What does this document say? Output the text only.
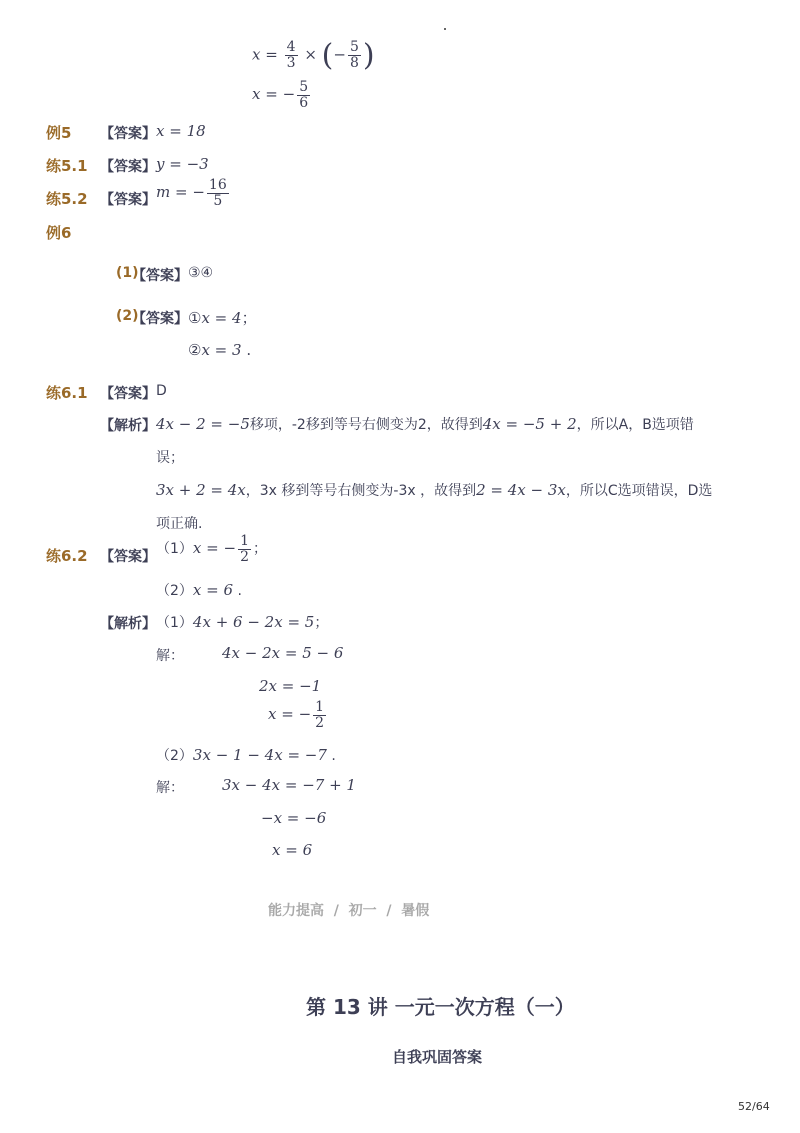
$x = \frac{4}{3}$ × (− $\frac{5}{8}$ )
x = − $\frac{5}{6}$
例5 【答案】 x = 18
练5.1 【答案】 y = −3
练5.2 【答案】 m = − $\frac{16}{5}$
例6
(1)
【答案】 ③④
(2)
【答案】 ①x = 4；
②x = 3 .
练6.1 【答案】 D
【解析】 4x − 2 = −5移项，-2移到等号右侧变为2，故得到4x = −5 + 2，所以A，B选项错
误；
3x + 2 = 4x，3x 移到等号右侧变为-3x ，故得到2 = 4x − 3x，所以C选项错误，D选
项正确.
练6.2 【答案】 （1）x = − $\frac{1}{2}$ ；
（2）x = 6 .
【解析】 （1）4x + 6 − 2x = 5；
解：	4x − 2x = 5 − 6
2x = −1
x = − $\frac{1}{2}$
（2）3x − 1 − 4x = −7 .
解：	3x − 4x = −7 + 1
−x = −6
x = 6
能力提高  /  初一  /  暑假
第 13 讲 一元一次方程（一）
自我巩固答案
52/64
